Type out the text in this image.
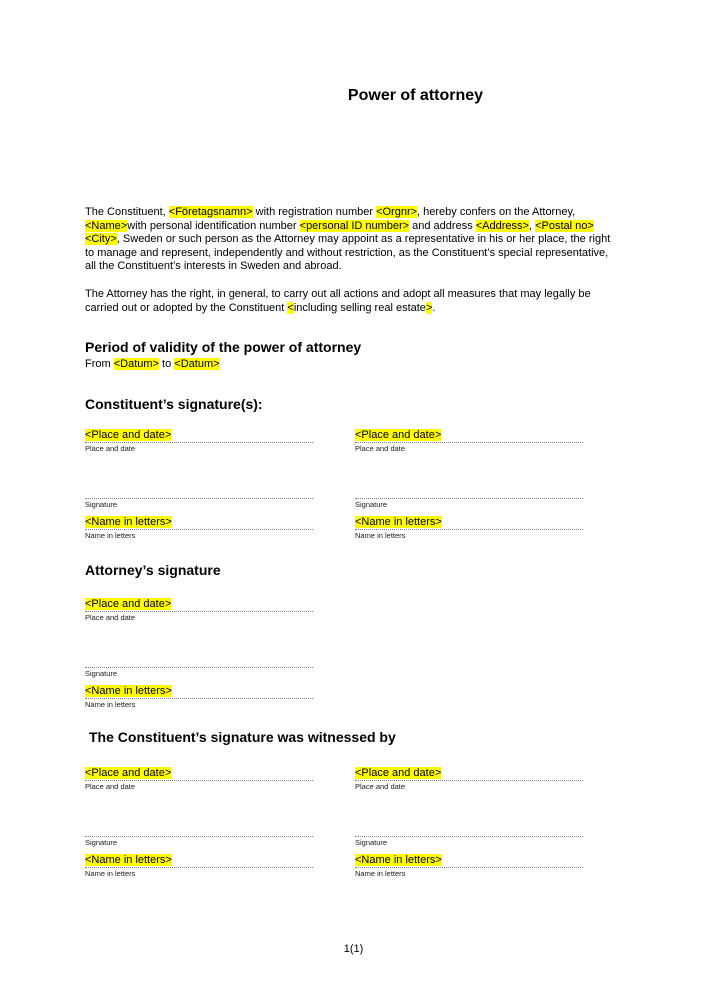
Power of attorney
The Constituent, <Företagsnamn> with registration number <Orgnr>, hereby confers on the Attorney, <Name>with personal identification number <personal ID number> and address <Address>, <Postal no> <City>, Sweden or such person as the Attorney may appoint as a representative in his or her place, the right to manage and represent, independently and without restriction, as the Constituent’s special representative, all the Constituent’s interests in Sweden and abroad.
The Attorney has the right, in general, to carry out all actions and adopt all measures that may legally be carried out or adopted by the Constituent <including selling real estate>.
Period of validity of the power of attorney
From <Datum> to <Datum>
Constituent’s signature(s):
<Place and date>
Place and date
Signature
<Name in letters>
Name in letters
<Place and date>
Place and date
Signature
<Name in letters>
Name in letters
Attorney’s signature
<Place and date>
Place and date
Signature
<Name in letters>
Name in letters
The Constituent’s signature was witnessed by
<Place and date>
Place and date
Signature
<Name in letters>
Name in letters
<Place and date>
Place and date
Signature
<Name in letters>
Name in letters
1(1)
